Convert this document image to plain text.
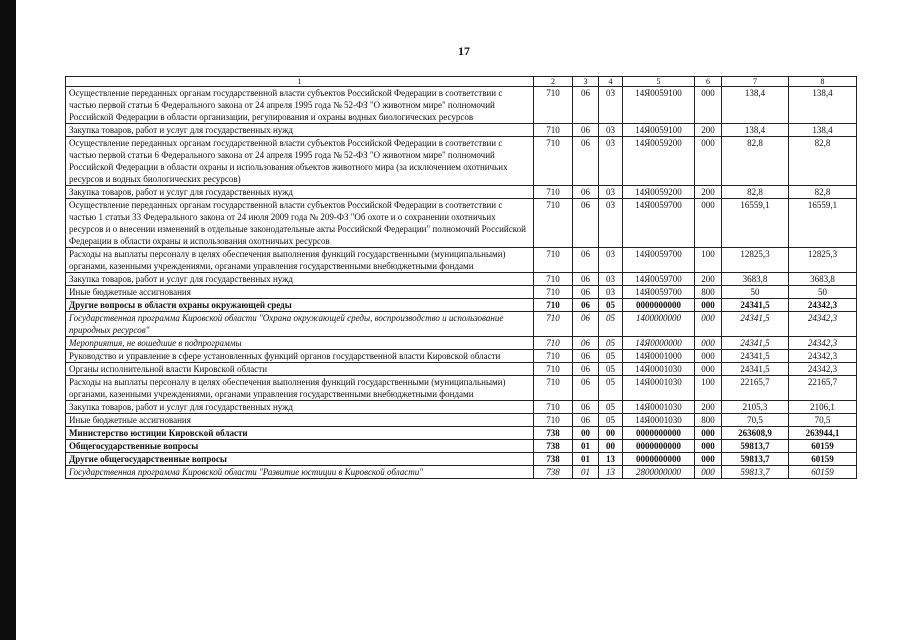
17
1	2	3	4	5	6	7	8
Осуществление переданных органам государственной власти субъектов Российской Федерации в соответствии с частью первой статьи 6 Федерального закона от 24 апреля 1995 года № 52-ФЗ "О животном мире" полномочий Российской Федерации в области организации, регулирования и охраны водных биологических ресурсов	710	06	03	14Я0059100	000	138,4	138,4
Закупка товаров, работ и услуг для государственных нужд	710	06	03	14Я0059100	200	138,4	138,4
Осуществление переданных органам государственной власти субъектов Российской Федерации в соответствии с частью первой статьи 6 Федерального закона от 24 апреля 1995 года № 52-ФЗ "О животном мире" полномочий Российской Федерации в области охраны и использования объектов животного мира (за исключением охотничьих ресурсов и водных биологических ресурсов)	710	06	03	14Я0059200	000	82,8	82,8
Закупка товаров, работ и услуг для государственных нужд	710	06	03	14Я0059200	200	82,8	82,8
Осуществление переданных органам государственной власти субъектов Российской Федерации в соответствии с частью 1 статьи 33 Федерального закона от 24 июля 2009 года № 209-ФЗ "Об охоте и о сохранении охотничьих ресурсов и о внесении изменений в отдельные законодательные акты Российской Федерации" полномочий Российской Федерации в области охраны и использования охотничьих ресурсов	710	06	03	14Я0059700	000	16559,1	16559,1
Расходы на выплаты персоналу в целях обеспечения выполнения функций государственными (муниципальными) органами, казенными учреждениями, органами управления государственными внебюджетными фондами	710	06	03	14Я0059700	100	12825,3	12825,3
Закупка товаров, работ и услуг для государственных нужд	710	06	03	14Я0059700	200	3683,8	3683,8
Иные бюджетные ассигнования	710	06	03	14Я0059700	800	50	50
Другие вопросы в области охраны окружающей среды	710	06	05	0000000000	000	24341,5	24342,3
Государственная программа Кировской области "Охрана окружающей среды, воспроизводство и использование природных ресурсов"	710	06	05	1400000000	000	24341,5	24342,3
Мероприятия, не вошедшие в подпрограммы	710	06	05	14Я0000000	000	24341,5	24342,3
Руководство и управление в сфере установленных функций органов государственной власти Кировской области	710	06	05	14Я0001000	000	24341,5	24342,3
Органы исполнительной власти Кировской области	710	06	05	14Я0001030	000	24341,5	24342,3
Расходы на выплаты персоналу в целях обеспечения выполнения функций государственными (муниципальными) органами, казенными учреждениями, органами управления государственными внебюджетными фондами	710	06	05	14Я0001030	100	22165,7	22165,7
Закупка товаров, работ и услуг для государственных нужд	710	06	05	14Я0001030	200	2105,3	2106,1
Иные бюджетные ассигнования	710	06	05	14Я0001030	800	70,5	70,5
Министерство юстиции Кировской области	738	00	00	0000000000	000	263608,9	263944,1
Общегосударственные вопросы	738	01	00	0000000000	000	59813,7	60159
Другие общегосударственные вопросы	738	01	13	0000000000	000	59813,7	60159
Государственная программа Кировской области "Развитие юстиции в Кировской области"	738	01	13	2800000000	000	59813,7	60159
